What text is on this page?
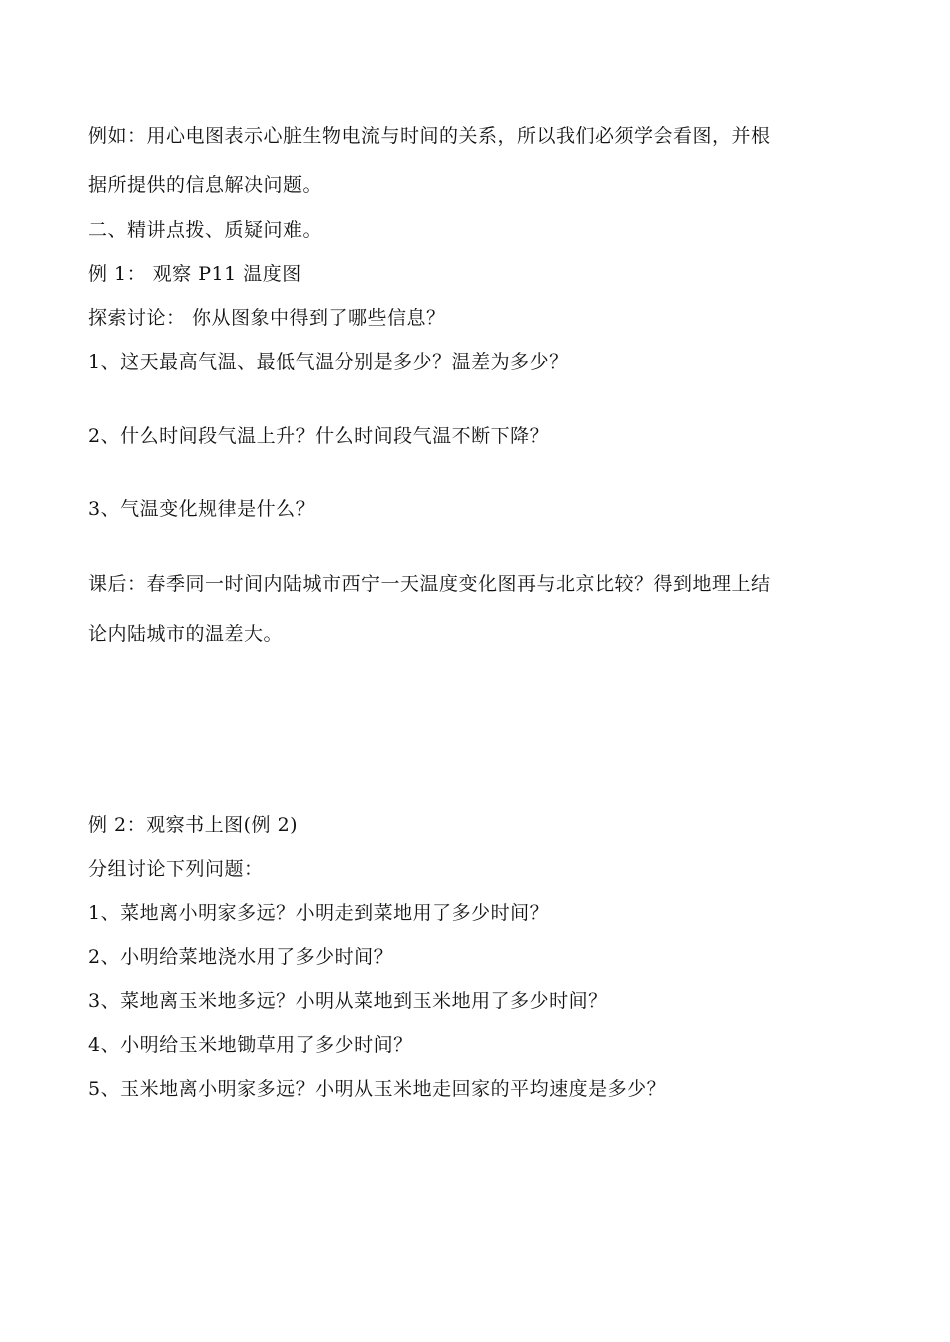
例如：用心电图表示心脏生物电流与时间的关系，所以我们必须学会看图，并根
据所提供的信息解决问题。
二、精讲点拨、质疑问难。
例 1： 观察 P11 温度图
探索讨论： 你从图象中得到了哪些信息？
1、这天最高气温、最低气温分别是多少？温差为多少？
2、什么时间段气温上升？什么时间段气温不断下降？
3、气温变化规律是什么？
课后：春季同一时间内陆城市西宁一天温度变化图再与北京比较？得到地理上结
论内陆城市的温差大。
例 2：观察书上图(例 2)
分组讨论下列问题：
1、菜地离小明家多远？小明走到菜地用了多少时间？
2、小明给菜地浇水用了多少时间？
3、菜地离玉米地多远？小明从菜地到玉米地用了多少时间？
4、小明给玉米地锄草用了多少时间？
5、玉米地离小明家多远？小明从玉米地走回家的平均速度是多少？
